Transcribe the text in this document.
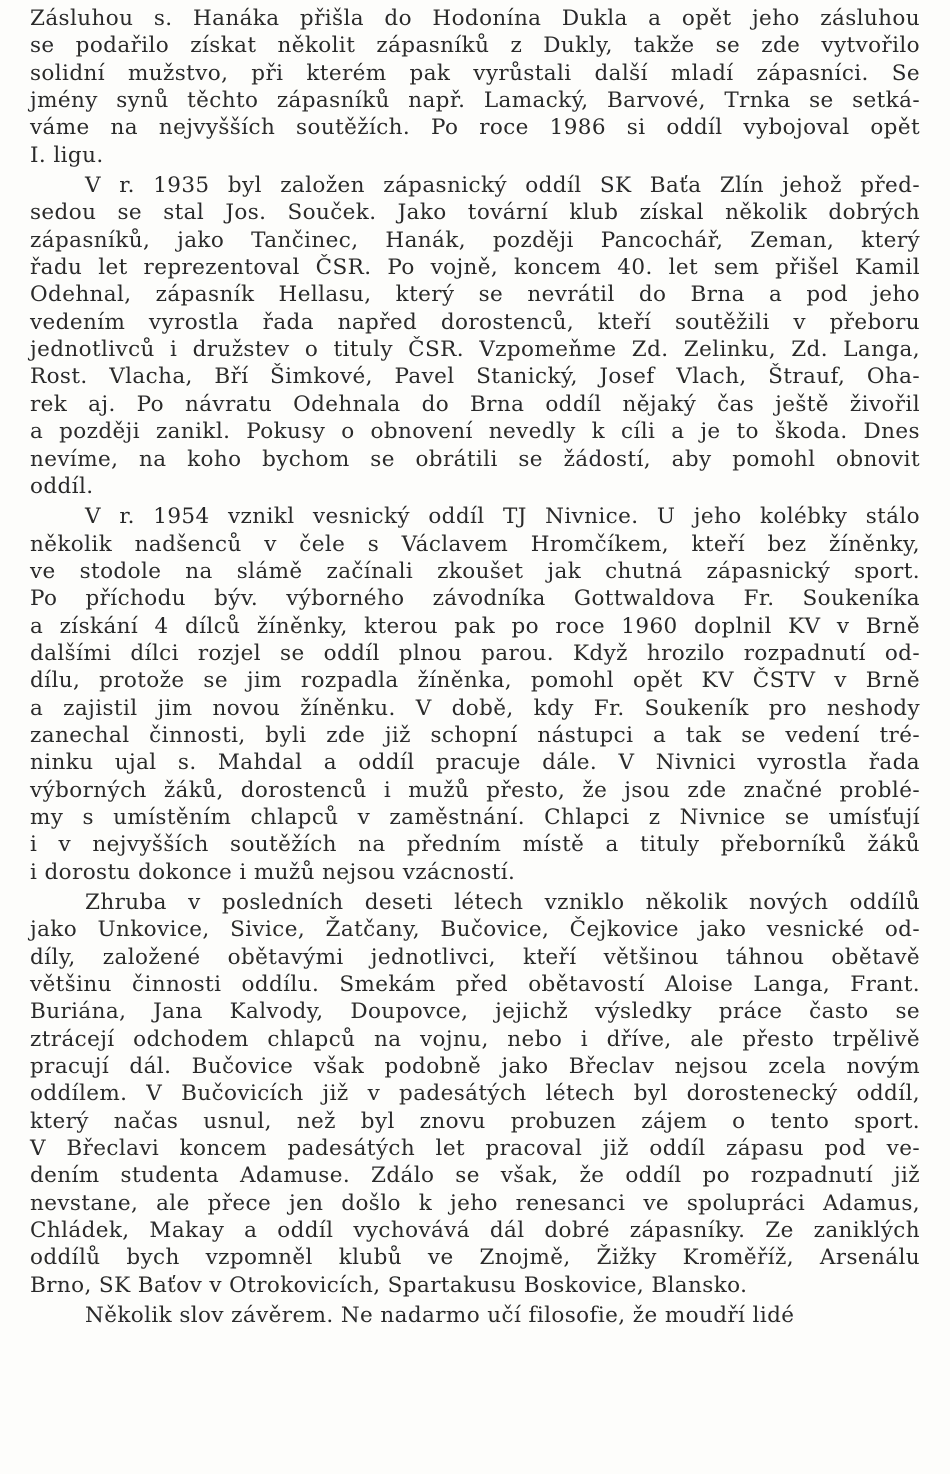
Zásluhou s. Hanáka přišla do Hodonína Dukla a opět jeho zásluhou
se podařilo získat několit zápasníků z Dukly, takže se zde vytvořilo
solidní mužstvo, při kterém pak vyrůstali další mladí zápasníci. Se
jmény synů těchto zápasníků např. Lamacký, Barvové, Trnka se setká-
váme na nejvyšších soutěžích. Po roce 1986 si oddíl vybojoval opět
I. ligu.
V r. 1935 byl založen zápasnický oddíl SK Baťa Zlín jehož před-
sedou se stal Jos. Souček. Jako tovární klub získal několik dobrých
zápasníků, jako Tančinec, Hanák, později Pancochář, Zeman, který
řadu let reprezentoval ČSR. Po vojně, koncem 40. let sem přišel Kamil
Odehnal, zápasník Hellasu, který se nevrátil do Brna a pod jeho
vedením vyrostla řada napřed dorostenců, kteří soutěžili v přeboru
jednotlivců i družstev o tituly ČSR. Vzpomeňme Zd. Zelinku, Zd. Langa,
Rost. Vlacha, Bří Šimkové, Pavel Stanický, Josef Vlach, Štrauf, Oha-
rek aj. Po návratu Odehnala do Brna oddíl nějaký čas ještě živořil
a později zanikl. Pokusy o obnovení nevedly k cíli a je to škoda. Dnes
nevíme, na koho bychom se obrátili se žádostí, aby pomohl obnovit
oddíl.
V r. 1954 vznikl vesnický oddíl TJ Nivnice. U jeho kolébky stálo
několik nadšenců v čele s Václavem Hromčíkem, kteří bez žíněnky,
ve stodole na slámě začínali zkoušet jak chutná zápasnický sport.
Po příchodu býv. výborného závodníka Gottwaldova Fr. Soukeníka
a získání 4 dílců žíněnky, kterou pak po roce 1960 doplnil KV v Brně
dalšími dílci rozjel se oddíl plnou parou. Když hrozilo rozpadnutí od-
dílu, protože se jim rozpadla žíněnka, pomohl opět KV ČSTV v Brně
a zajistil jim novou žíněnku. V době, kdy Fr. Soukeník pro neshody
zanechal činnosti, byli zde již schopní nástupci a tak se vedení tré-
ninku ujal s. Mahdal a oddíl pracuje dále. V Nivnici vyrostla řada
výborných žáků, dorostenců i mužů přesto, že jsou zde značné problé-
my s umístěním chlapců v zaměstnání. Chlapci z Nivnice se umísťují
i v nejvyšších soutěžích na předním místě a tituly přeborníků žáků
i dorostu dokonce i mužů nejsou vzácností.
Zhruba v posledních deseti létech vzniklo několik nových oddílů
jako Unkovice, Sivice, Žatčany, Bučovice, Čejkovice jako vesnické od-
díly, založené obětavými jednotlivci, kteří většinou táhnou obětavě
většinu činnosti oddílu. Smekám před obětavostí Aloise Langa, Frant.
Buriána, Jana Kalvody, Doupovce, jejichž výsledky práce často se
ztrácejí odchodem chlapců na vojnu, nebo i dříve, ale přesto trpělivě
pracují dál. Bučovice však podobně jako Břeclav nejsou zcela novým
oddílem. V Bučovicích již v padesátých létech byl dorostenecký oddíl,
který načas usnul, než byl znovu probuzen zájem o tento sport.
V Břeclavi koncem padesátých let pracoval již oddíl zápasu pod ve-
dením studenta Adamuse. Zdálo se však, že oddíl po rozpadnutí již
nevstane, ale přece jen došlo k jeho renesanci ve spolupráci Adamus,
Chládek, Makay a oddíl vychovává dál dobré zápasníky. Ze zaniklých
oddílů bych vzpomněl klubů ve Znojmě, Žižky Kroměříž, Arsenálu
Brno, SK Baťov v Otrokovicích, Spartakusu Boskovice, Blansko.
Několik slov závěrem. Ne nadarmo učí filosofie, že moudří lidé
